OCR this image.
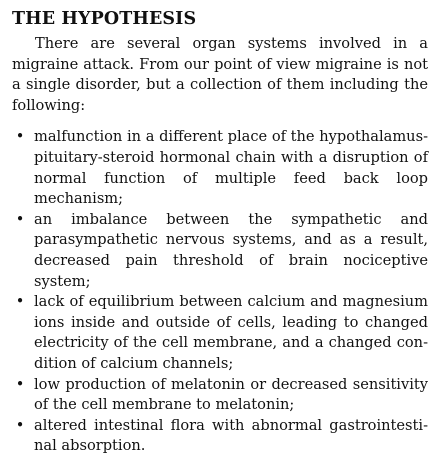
THE HYPOTHESIS

There are several organ systems involved in a migraine attack. From our point of view migraine is not a single disorder, but a collection of them including the following:

• malfunction in a different place of the hypothalamus-pituitary-steroid hormonal chain with a disruption of normal function of multiple feed back loop mechanism;
• an imbalance between the sympathetic and parasympathetic nervous systems, and as a result, decreased pain threshold of brain nociceptive system;
• lack of equilibrium between calcium and magnesium ions inside and outside of cells, leading to changed electricity of the cell membrane, and a changed condition of calcium channels;
• low production of melatonin or decreased sensitivity of the cell membrane to melatonin;
• altered intestinal flora with abnormal gastrointestinal absorption.
